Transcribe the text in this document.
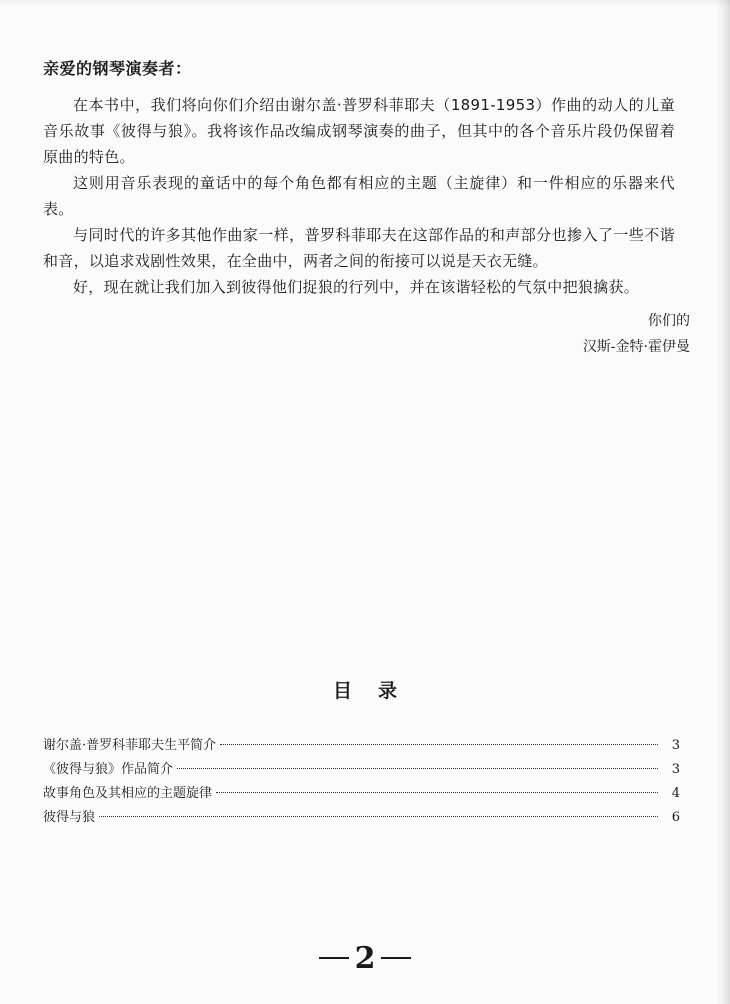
亲爱的钢琴演奏者：

在本书中，我们将向你们介绍由谢尔盖·普罗科菲耶夫（1891-1953）作曲的动人的儿童音乐故事《彼得与狼》。我将该作品改编成钢琴演奏的曲子，但其中的各个音乐片段仍保留着原曲的特色。

这则用音乐表现的童话中的每个角色都有相应的主题（主旋律）和一件相应的乐器来代表。

与同时代的许多其他作曲家一样，普罗科菲耶夫在这部作品的和声部分也掺入了一些不谐和音，以追求戏剧性效果，在全曲中，两者之间的衔接可以说是天衣无缝。

好，现在就让我们加入到彼得他们捉狼的行列中，并在该谐轻松的气氛中把狼擒获。

你们的
汉斯-金特·霍伊曼
目录
谢尔盖·普罗科菲耶夫生平简介	3
《彼得与狼》作品简介	3
故事角色及其相应的主题旋律	4
彼得与狼	6
2
